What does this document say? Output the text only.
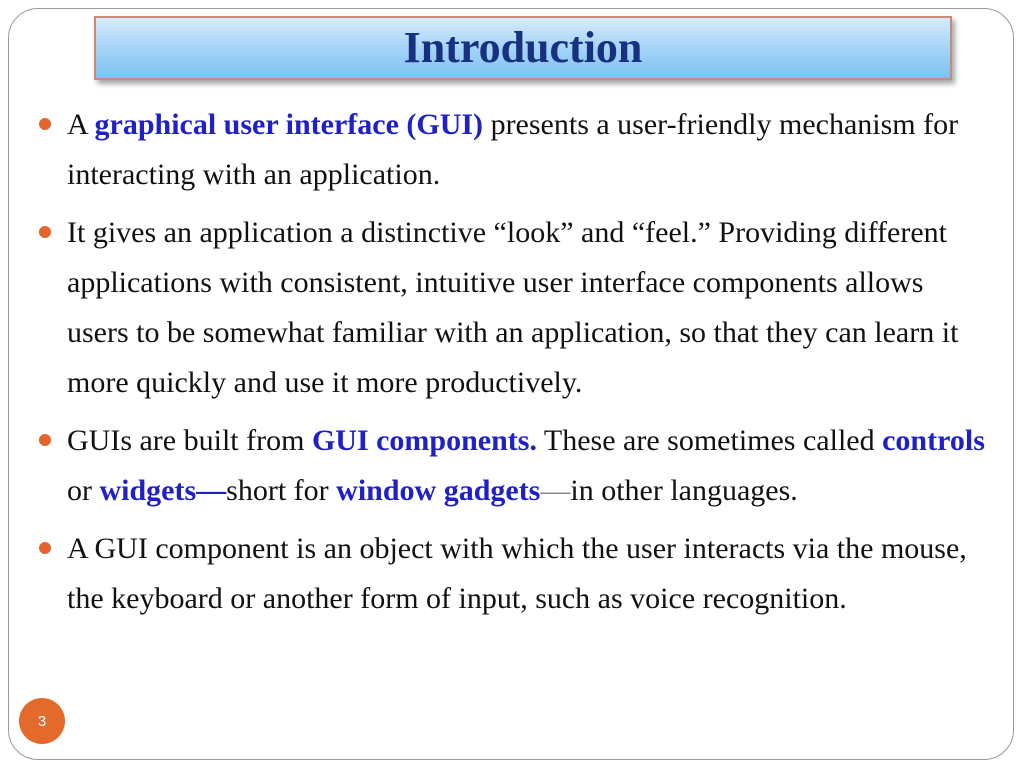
Introduction

A graphical user interface (GUI) presents a user-friendly mechanism for interacting with an application.

It gives an application a distinctive “look” and “feel.” Providing different applications with consistent, intuitive user interface components allows users to be somewhat familiar with an application, so that they can learn it more quickly and use it more productively.

GUIs are built from GUI components. These are sometimes called controls or widgets—short for window gadgets—in other languages.

A GUI component is an object with which the user interacts via the mouse, the keyboard or another form of input, such as voice recognition.

3
